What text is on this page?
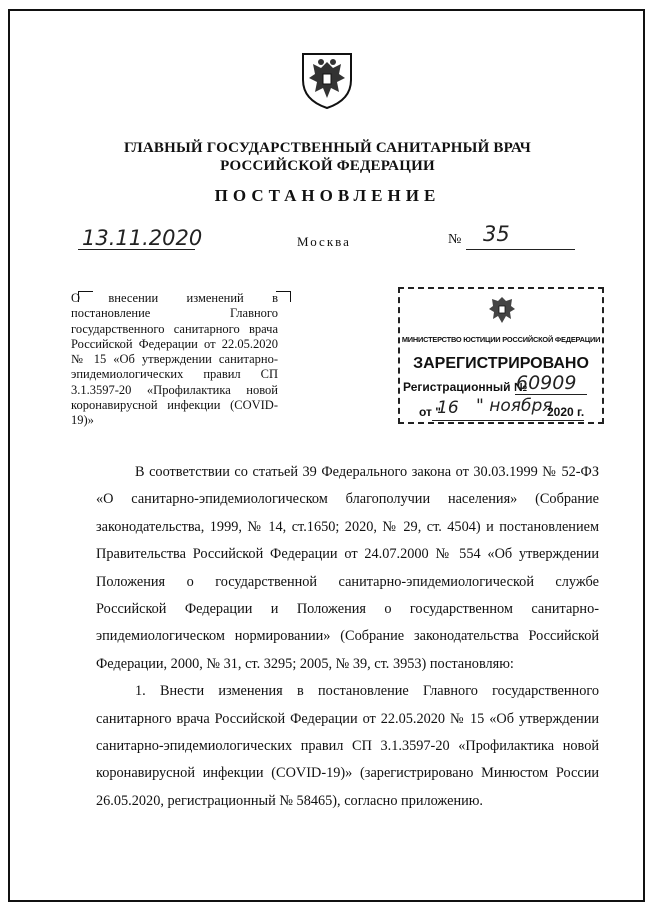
ГЛАВНЫЙ ГОСУДАРСТВЕННЫЙ САНИТАРНЫЙ ВРАЧ
РОССИЙСКОЙ ФЕДЕРАЦИИ
ПОСТАНОВЛЕНИЕ
13.11.2020	Москва	№ 35
О внесении изменений в постановление Главного государственного санитарного врача Российской Федерации от 22.05.2020 № 15 «Об утверждении санитарно-эпидемиологических правил СП 3.1.3597-20 «Профилактика новой коронавирусной инфекции (COVID-19)»
МИНИСТЕРСТВО ЮСТИЦИИ РОССИЙСКОЙ ФЕДЕРАЦИИ
ЗАРЕГИСТРИРОВАНО
Регистрационный №
60909
от "
16 " ноября
2020 г.

В соответствии со статьей 39 Федерального закона от 30.03.1999 № 52-ФЗ «О санитарно-эпидемиологическом благополучии населения» (Собрание законодательства, 1999, № 14, ст.1650; 2020, № 29, ст. 4504) и постановлением Правительства Российской Федерации от 24.07.2000 № 554 «Об утверждении Положения о государственной санитарно-эпидемиологической службе Российской Федерации и Положения о государственном санитарно-эпидемиологическом нормировании» (Собрание законодательства Российской Федерации, 2000, № 31, ст. 3295; 2005, № 39, ст. 3953) постановляю:

1. Внести изменения в постановление Главного государственного санитарного врача Российской Федерации от 22.05.2020 № 15 «Об утверждении санитарно-эпидемиологических правил СП 3.1.3597-20 «Профилактика новой коронавирусной инфекции (COVID-19)» (зарегистрировано Минюстом России 26.05.2020, регистрационный № 58465), согласно приложению.
